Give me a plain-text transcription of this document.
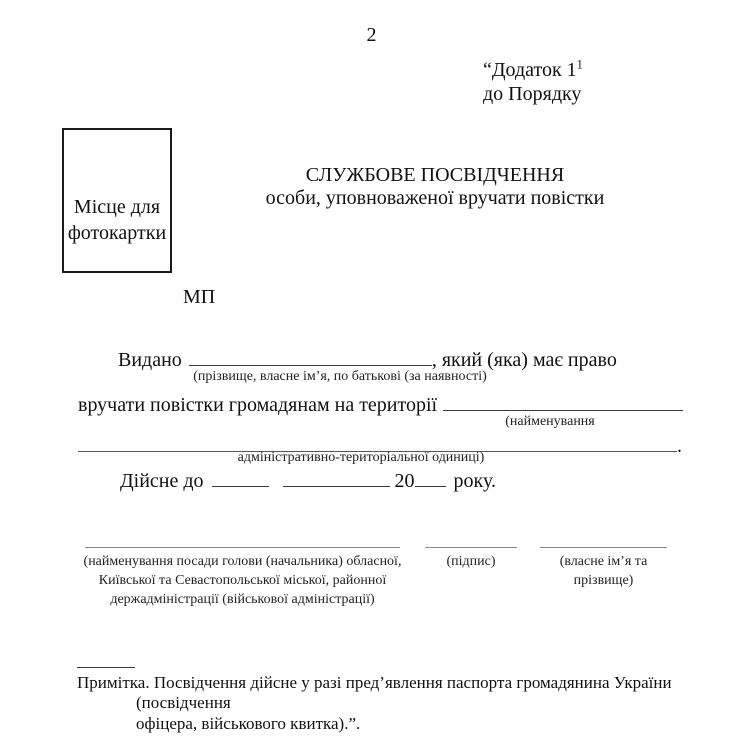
2
“Додаток $1^1$
до Порядку
Місце для
фотокартки
СЛУЖБОВЕ ПОСВІДЧЕННЯ
особи, уповноваженої вручати повістки
МП
Видано	, який (яка) має право
(прізвище, власне ім’я, по батькові (за наявності)
вручати повістки громадянам на території
(найменування
.
адміністративно-територіальної одиниці)
Дійсне до	20 року.
(найменування посади голови (начальника) обласної,
Київської та Севастопольської міської, районної
держадміністрації (військової адміністрації)
(підпис)	(власне ім’я та
прізвище)
Примітка. Посвідчення дійсне у разі пред’явлення паспорта громадянина України (посвідчення
офіцера, військового квитка).”.
